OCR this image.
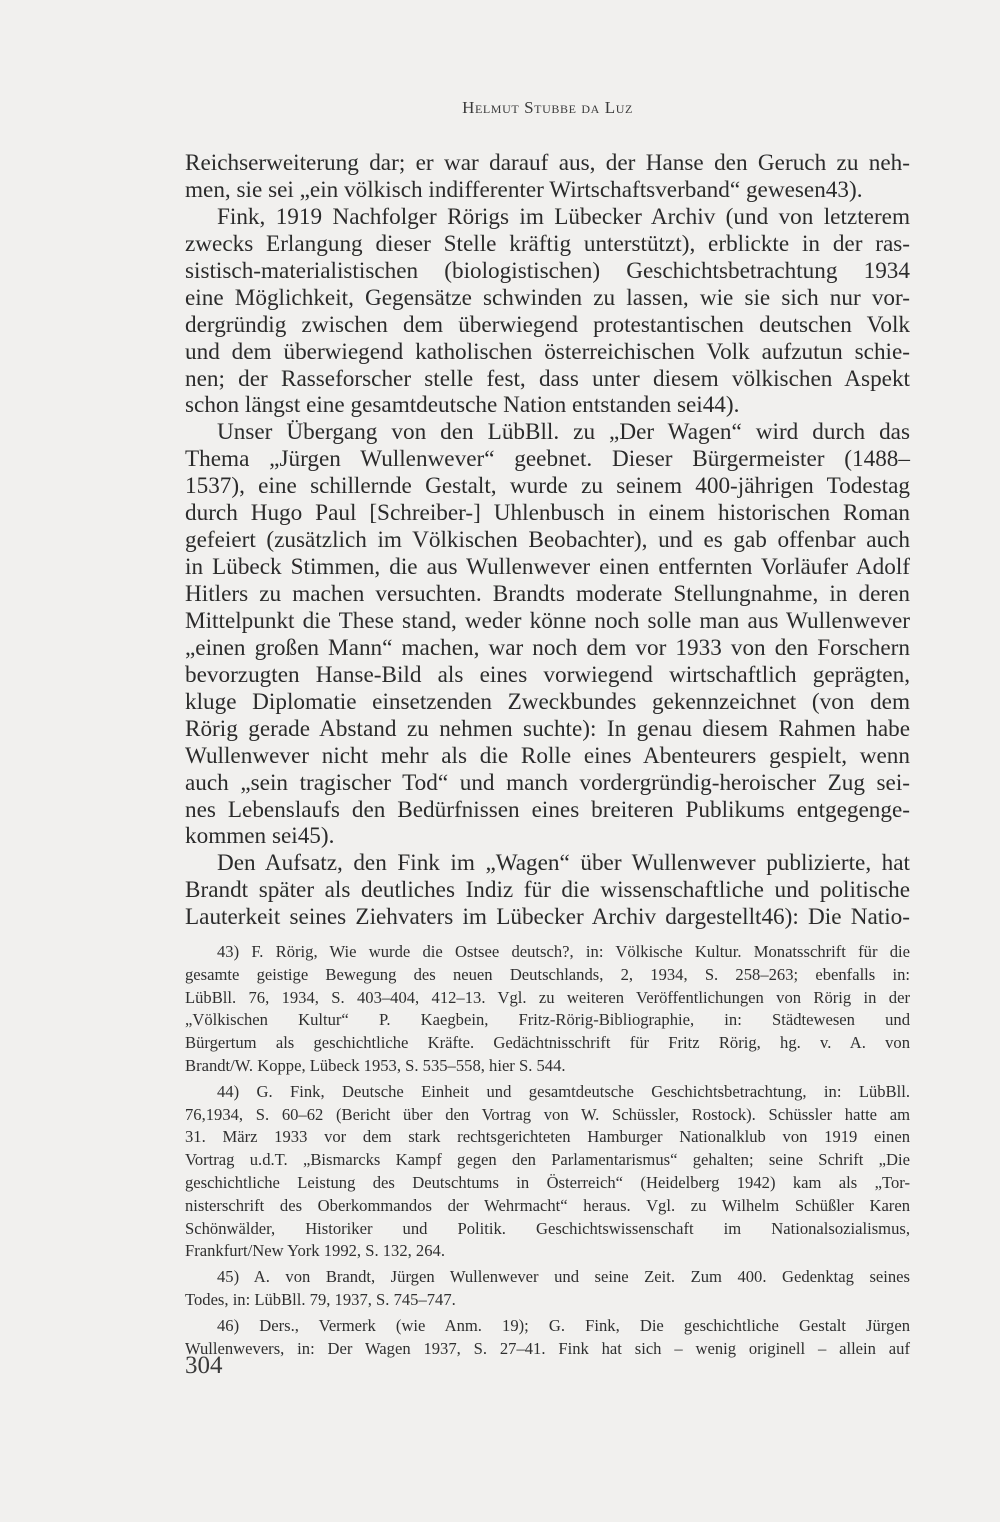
Helmut Stubbe da Luz
Reichserweiterung dar; er war darauf aus, der Hanse den Geruch zu neh-
men, sie sei „ein völkisch indifferenter Wirtschaftsverband“ gewesen43).
Fink, 1919 Nachfolger Rörigs im Lübecker Archiv (und von letzterem
zwecks Erlangung dieser Stelle kräftig unterstützt), erblickte in der ras-
sistisch-materialistischen (biologistischen) Geschichtsbetrachtung 1934
eine Möglichkeit, Gegensätze schwinden zu lassen, wie sie sich nur vor-
dergründig zwischen dem überwiegend protestantischen deutschen Volk
und dem überwiegend katholischen österreichischen Volk aufzutun schie-
nen; der Rasseforscher stelle fest, dass unter diesem völkischen Aspekt
schon längst eine gesamtdeutsche Nation entstanden sei44).
Unser Übergang von den LübBll. zu „Der Wagen“ wird durch das
Thema „Jürgen Wullenwever“ geebnet. Dieser Bürgermeister (1488–
1537), eine schillernde Gestalt, wurde zu seinem 400-jährigen Todestag
durch Hugo Paul [Schreiber-] Uhlenbusch in einem historischen Roman
gefeiert (zusätzlich im Völkischen Beobachter), und es gab offenbar auch
in Lübeck Stimmen, die aus Wullenwever einen entfernten Vorläufer Adolf
Hitlers zu machen versuchten. Brandts moderate Stellungnahme, in deren
Mittelpunkt die These stand, weder könne noch solle man aus Wullenwever
„einen großen Mann“ machen, war noch dem vor 1933 von den Forschern
bevorzugten Hanse-Bild als eines vorwiegend wirtschaftlich geprägten,
kluge Diplomatie einsetzenden Zweckbundes gekennzeichnet (von dem
Rörig gerade Abstand zu nehmen suchte): In genau diesem Rahmen habe
Wullenwever nicht mehr als die Rolle eines Abenteurers gespielt, wenn
auch „sein tragischer Tod“ und manch vordergründig-heroischer Zug sei-
nes Lebenslaufs den Bedürfnissen eines breiteren Publikums entgegenge-
kommen sei45).
Den Aufsatz, den Fink im „Wagen“ über Wullenwever publizierte, hat
Brandt später als deutliches Indiz für die wissenschaftliche und politische
Lauterkeit seines Ziehvaters im Lübecker Archiv dargestellt46): Die Natio-
43) F. Rörig, Wie wurde die Ostsee deutsch?, in: Völkische Kultur. Monatsschrift für die
gesamte geistige Bewegung des neuen Deutschlands, 2, 1934, S. 258–263; ebenfalls in:
LübBll. 76, 1934, S. 403–404, 412–13. Vgl. zu weiteren Veröffentlichungen von Rörig in der
„Völkischen Kultur“ P. Kaegbein, Fritz-Rörig-Bibliographie, in: Städtewesen und
Bürgertum als geschichtliche Kräfte. Gedächtnisschrift für Fritz Rörig, hg. v. A. von
Brandt/W. Koppe, Lübeck 1953, S. 535–558, hier S. 544.
44) G. Fink, Deutsche Einheit und gesamtdeutsche Geschichtsbetrachtung, in: LübBll.
76,1934, S. 60–62 (Bericht über den Vortrag von W. Schüssler, Rostock). Schüssler hatte am
31. März 1933 vor dem stark rechtsgerichteten Hamburger Nationalklub von 1919 einen
Vortrag u.d.T. „Bismarcks Kampf gegen den Parlamentarismus“ gehalten; seine Schrift „Die
geschichtliche Leistung des Deutschtums in Österreich“ (Heidelberg 1942) kam als „Tor-
nisterschrift des Oberkommandos der Wehrmacht“ heraus. Vgl. zu Wilhelm Schüßler Karen
Schönwälder, Historiker und Politik. Geschichtswissenschaft im Nationalsozialismus,
Frankfurt/New York 1992, S. 132, 264.
45) A. von Brandt, Jürgen Wullenwever und seine Zeit. Zum 400. Gedenktag seines
Todes, in: LübBll. 79, 1937, S. 745–747.
46) Ders., Vermerk (wie Anm. 19); G. Fink, Die geschichtliche Gestalt Jürgen
Wullenwevers, in: Der Wagen 1937, S. 27–41. Fink hat sich – wenig originell – allein auf
304
